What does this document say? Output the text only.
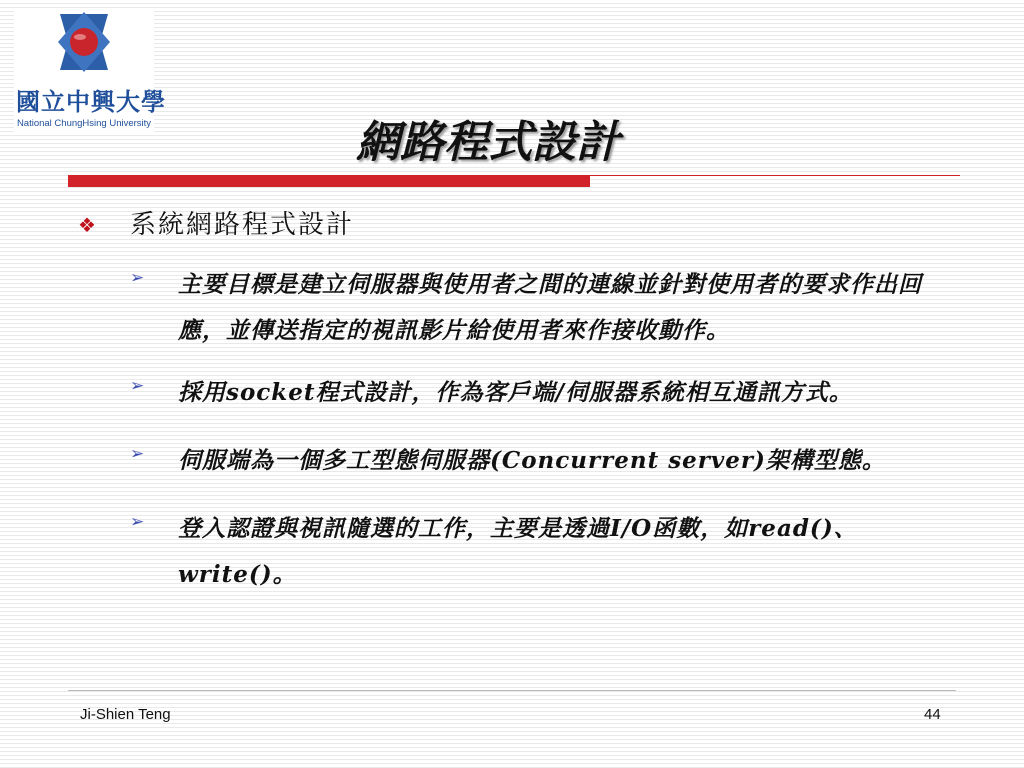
國立中興大學
National ChungHsing University	網路程式設計
❖	系統網路程式設計
➢	主要目標是建立伺服器與使用者之間的連線並針對使用者的要求作出回應，並傳送指定的視訊影片給使用者來作接收動作。
➢	採用socket程式設計，作為客戶端/伺服器系統相互通訊方式。
➢	伺服端為一個多工型態伺服器(Concurrent server)架構型態。
➢	登入認證與視訊隨選的工作，主要是透過I/O函數，如read()、write()。
Ji-Shien Teng	44
